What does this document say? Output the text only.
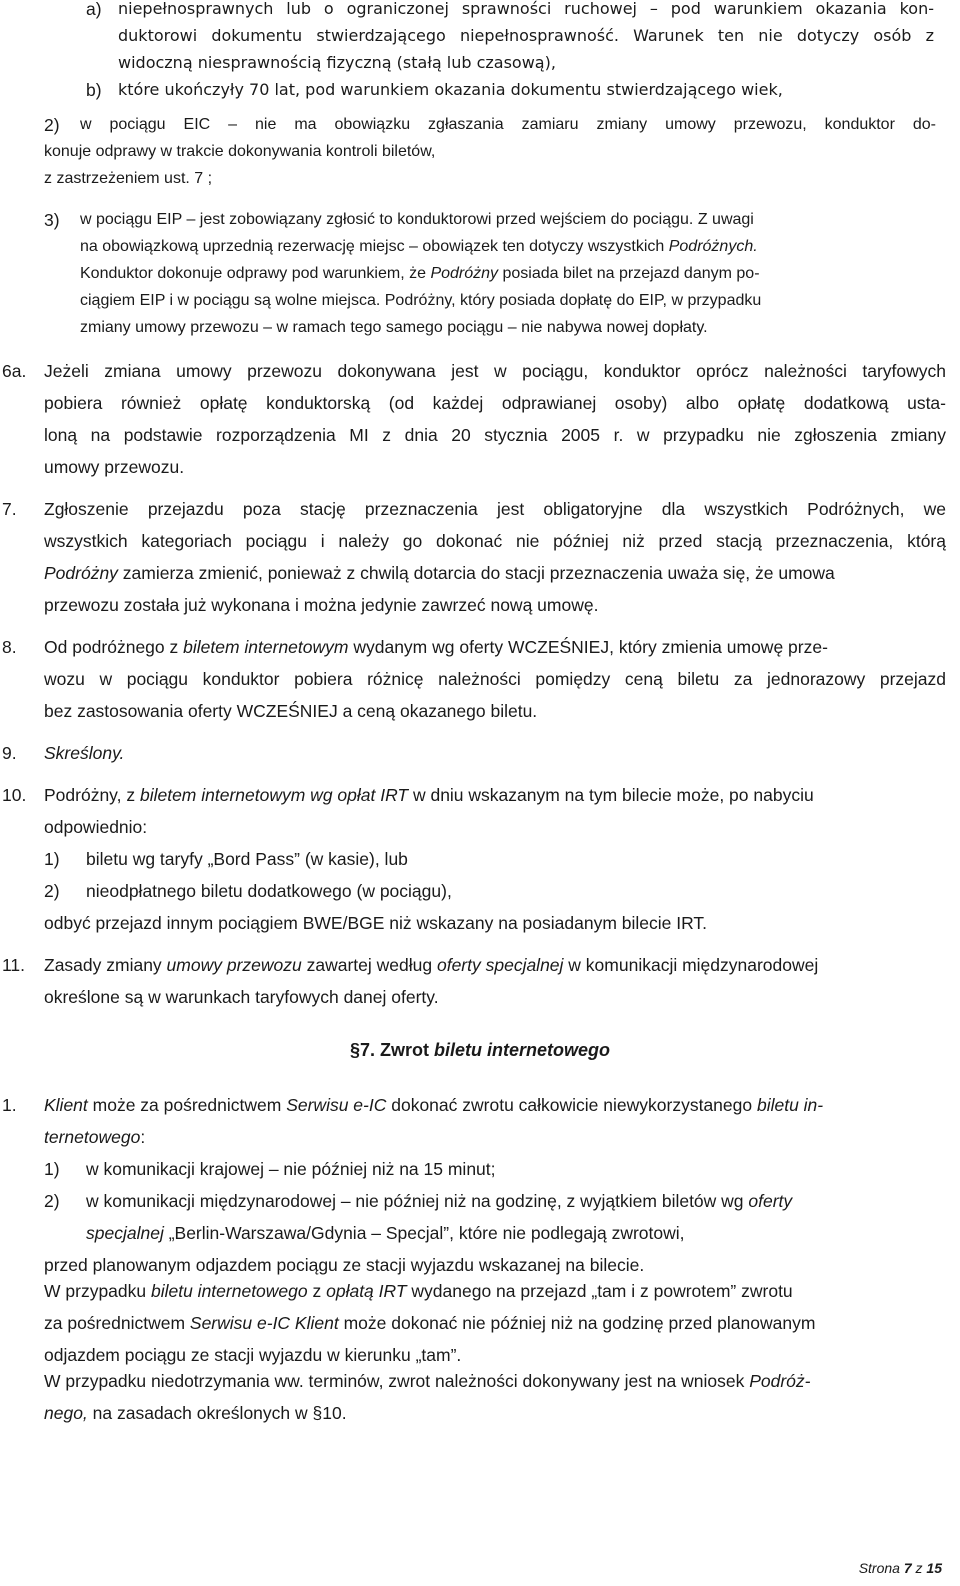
a) niepełnosprawnych lub o ograniczonej sprawności ruchowej – pod warunkiem okazania kon-
duktorowi dokumentu stwierdzającego niepełnosprawność. Warunek ten nie dotyczy osób z
widoczną niesprawnością fizyczną (stałą lub czasową),
b) które ukończyły 70 lat, pod warunkiem okazania dokumentu stwierdzającego wiek,
2) w pociągu EIC – nie ma obowiązku zgłaszania zamiaru zmiany umowy przewozu, konduktor do-
konuje odprawy w trakcie dokonywania kontroli biletów,
z zastrzeżeniem ust. 7 ;
3) w pociągu EIP – jest zobowiązany zgłosić to konduktorowi przed wejściem do pociągu. Z uwagi
na obowiązkową uprzednią rezerwację miejsc – obowiązek ten dotyczy wszystkich Podróżnych.
Konduktor dokonuje odprawy pod warunkiem, że Podróżny posiada bilet na przejazd danym po-
ciągiem EIP i w pociągu są wolne miejsca. Podróżny, który posiada dopłatę do EIP, w przypadku
zmiany umowy przewozu – w ramach tego samego pociągu – nie nabywa nowej dopłaty.
6a. Jeżeli zmiana umowy przewozu dokonywana jest w pociągu, konduktor oprócz należności taryfowych
pobiera również opłatę konduktorską (od każdej odprawianej osoby) albo opłatę dodatkową usta-
loną na podstawie rozporządzenia MI z dnia 20 stycznia 2005 r. w przypadku nie zgłoszenia zmiany
umowy przewozu.
7. Zgłoszenie przejazdu poza stację przeznaczenia jest obligatoryjne dla wszystkich Podróżnych, we
wszystkich kategoriach pociągu i należy go dokonać nie później niż przed stacją przeznaczenia, którą
Podróżny zamierza zmienić, ponieważ z chwilą dotarcia do stacji przeznaczenia uważa się, że umowa
przewozu została już wykonana i można jedynie zawrzeć nową umowę.
8. Od podróżnego z biletem internetowym wydanym wg oferty WCZEŚNIEJ, który zmienia umowę prze-
wozu w pociągu konduktor pobiera różnicę należności pomiędzy ceną biletu za jednorazowy przejazd
bez zastosowania oferty WCZEŚNIEJ a ceną okazanego biletu.
9. Skreślony.
10. Podróżny, z biletem internetowym wg opłat IRT w dniu wskazanym na tym bilecie może, po nabyciu
odpowiednio:
1) biletu wg taryfy „Bord Pass” (w kasie), lub
2) nieodpłatnego biletu dodatkowego (w pociągu),
odbyć przejazd innym pociągiem BWE/BGE niż wskazany na posiadanym bilecie IRT.
11. Zasady zmiany umowy przewozu zawartej według oferty specjalnej w komunikacji międzynarodowej
określone są w warunkach taryfowych danej oferty.
§7. Zwrot biletu internetowego
1. Klient może za pośrednictwem Serwisu e-IC dokonać zwrotu całkowicie niewykorzystanego biletu in-
ternetowego:
1) w komunikacji krajowej – nie później niż na 15 minut;
2) w komunikacji międzynarodowej – nie później niż na godzinę, z wyjątkiem biletów wg oferty
specjalnej „Berlin-Warszawa/Gdynia – Specjal”, które nie podlegają zwrotowi,
przed planowanym odjazdem pociągu ze stacji wyjazdu wskazanej na bilecie.
W przypadku biletu internetowego z opłatą IRT wydanego na przejazd „tam i z powrotem” zwrotu
za pośrednictwem Serwisu e-IC Klient może dokonać nie później niż na godzinę przed planowanym
odjazdem pociągu ze stacji wyjazdu w kierunku „tam”.
W przypadku niedotrzymania ww. terminów, zwrot należności dokonywany jest na wniosek Podróż-
nego, na zasadach określonych w §10.
Strona 7 z 15
